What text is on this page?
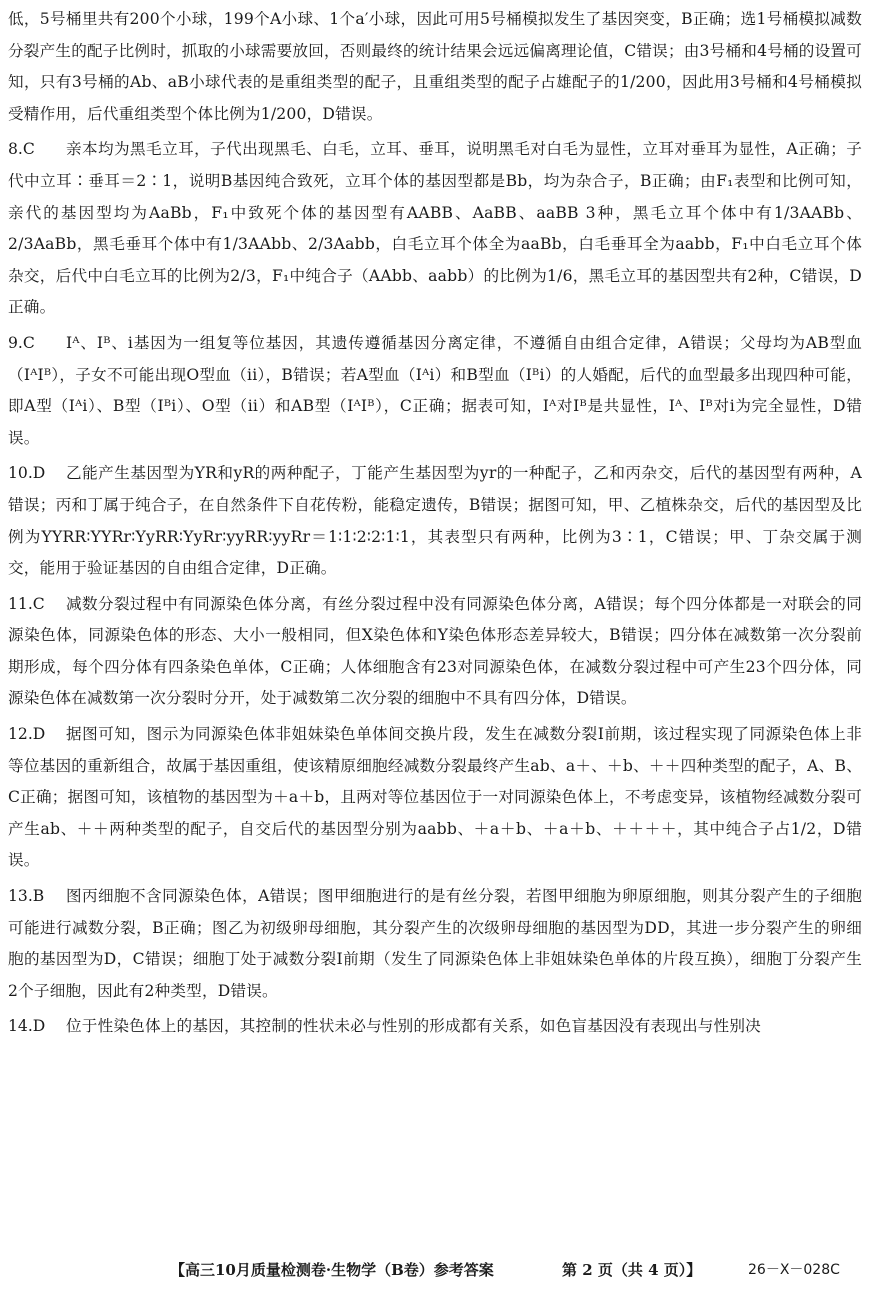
低，5号桶里共有200个小球，199个A小球、1个a′小球，因此可用5号桶模拟发生了基因突变，B正确；选1号桶模拟减数分裂产生的配子比例时，抓取的小球需要放回，否则最终的统计结果会远远偏离理论值，C错误；由3号桶和4号桶的设置可知，只有3号桶的Ab、aB小球代表的是重组类型的配子，且重组类型的配子占雄配子的1/200，因此用3号桶和4号桶模拟受精作用，后代重组类型个体比例为1/200，D错误。
8.C	亲本均为黑毛立耳，子代出现黑毛、白毛，立耳、垂耳，说明黑毛对白毛为显性，立耳对垂耳为显性，A正确；子代中立耳∶垂耳＝2∶1，说明B基因纯合致死，立耳个体的基因型都是Bb，均为杂合子，B正确；由F₁表型和比例可知，亲代的基因型均为AaBb，F₁中致死个体的基因型有AABB、AaBB、aaBB 3种，黑毛立耳个体中有1/3AABb、2/3AaBb，黑毛垂耳个体中有1/3AAbb、2/3Aabb，白毛立耳个体全为aaBb，白毛垂耳全为aabb，F₁中白毛立耳个体杂交，后代中白毛立耳的比例为2/3，F₁中纯合子（AAbb、aabb）的比例为1/6，黑毛立耳的基因型共有2种，C错误，D正确。
9.C	Iᴬ、Iᴮ、i基因为一组复等位基因，其遗传遵循基因分离定律，不遵循自由组合定律，A错误；父母均为AB型血（IᴬIᴮ），子女不可能出现O型血（ii），B错误；若A型血（Iᴬi）和B型血（Iᴮi）的人婚配，后代的血型最多出现四种可能，即A型（Iᴬi）、B型（Iᴮi）、O型（ii）和AB型（IᴬIᴮ），C正确；据表可知，Iᴬ对Iᴮ是共显性，Iᴬ、Iᴮ对i为完全显性，D错误。
10.D	乙能产生基因型为YR和yR的两种配子，丁能产生基因型为yr的一种配子，乙和丙杂交，后代的基因型有两种，A错误；丙和丁属于纯合子，在自然条件下自花传粉，能稳定遗传，B错误；据图可知，甲、乙植株杂交，后代的基因型及比例为YYRR∶YYRr∶YyRR∶YyRr∶yyRR∶yyRr＝1∶1∶2∶2∶1∶1，其表型只有两种，比例为3∶1，C错误；甲、丁杂交属于测交，能用于验证基因的自由组合定律，D正确。
11.C	减数分裂过程中有同源染色体分离，有丝分裂过程中没有同源染色体分离，A错误；每个四分体都是一对联会的同源染色体，同源染色体的形态、大小一般相同，但X染色体和Y染色体形态差异较大，B错误；四分体在减数第一次分裂前期形成，每个四分体有四条染色单体，C正确；人体细胞含有23对同源染色体，在减数分裂过程中可产生23个四分体，同源染色体在减数第一次分裂时分开，处于减数第二次分裂的细胞中不具有四分体，D错误。
12.D	据图可知，图示为同源染色体非姐妹染色单体间交换片段，发生在减数分裂Ⅰ前期，该过程实现了同源染色体上非等位基因的重新组合，故属于基因重组，使该精原细胞经减数分裂最终产生ab、a＋、＋b、＋＋四种类型的配子，A、B、C正确；据图可知，该植物的基因型为＋a＋b，且两对等位基因位于一对同源染色体上，不考虑变异，该植物经减数分裂可产生ab、＋＋两种类型的配子，自交后代的基因型分别为aabb、＋a＋b、＋a＋b、＋＋＋＋，其中纯合子占1/2，D错误。
13.B	图丙细胞不含同源染色体，A错误；图甲细胞进行的是有丝分裂，若图甲细胞为卵原细胞，则其分裂产生的子细胞可能进行减数分裂，B正确；图乙为初级卵母细胞，其分裂产生的次级卵母细胞的基因型为DD，其进一步分裂产生的卵细胞的基因型为D，C错误；细胞丁处于减数分裂Ⅰ前期（发生了同源染色体上非姐妹染色单体的片段互换），细胞丁分裂产生2个子细胞，因此有2种类型，D错误。
14.D	位于性染色体上的基因，其控制的性状未必与性别的形成都有关系，如色盲基因没有表现出与性别决
【高三10月质量检测卷·生物学（B卷）参考答案	第 2 页（共 4 页）】	26－X－028C
